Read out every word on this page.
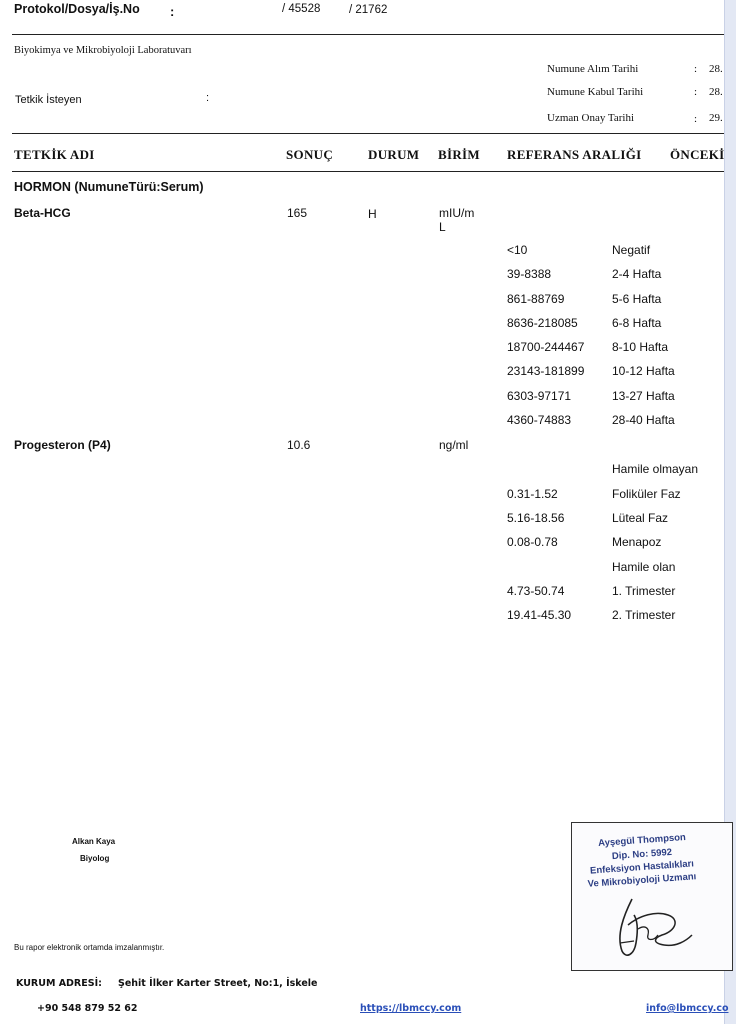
Protokol/Dosya/İş.No :	/ 45528 / 21762
Biyokimya ve Mikrobiyoloji Laboratuvarı
Tetkik İsteyen	:
Numune Alım Tarihi	: 28.
Numune Kabul Tarihi	: 28.
Uzman Onay Tarihi	: 29.
TETKİK ADI	SONUÇ	DURUM BİRİM REFERANS ARALIĞI ÖNCEKİ
HORMON (NumuneTürü:Serum)
Beta-HCG	165	H	mIU/m
L
<10	Negatif
39-8388	2-4 Hafta
861-88769	5-6 Hafta
8636-218085	6-8 Hafta
18700-244467 8-10 Hafta
23143-181899 10-12 Hafta
6303-97171	13-27 Hafta
4360-74883	28-40 Hafta
Progesteron (P4)	10.6	ng/ml
Hamile olmayan
0.31-1.52	Foliküler Faz
5.16-18.56	Lüteal Faz
0.08-0.78	Menapoz
Hamile olan
4.73-50.74	1. Trimester
19.41-45.30	2. Trimester
Alkan Kaya
Biyolog
Ayşegül Thompson
Dip. No: 5992
Enfeksiyon Hastalıkları
Ve Mikrobiyoloji Uzmanı
Bu rapor elektronik ortamda imzalanmıştır.
KURUM ADRESİ: Şehit İlker Karter Street, No:1, İskele
+90 548 879 52 62	https://lbmccy.com	info@lbmccy.co
